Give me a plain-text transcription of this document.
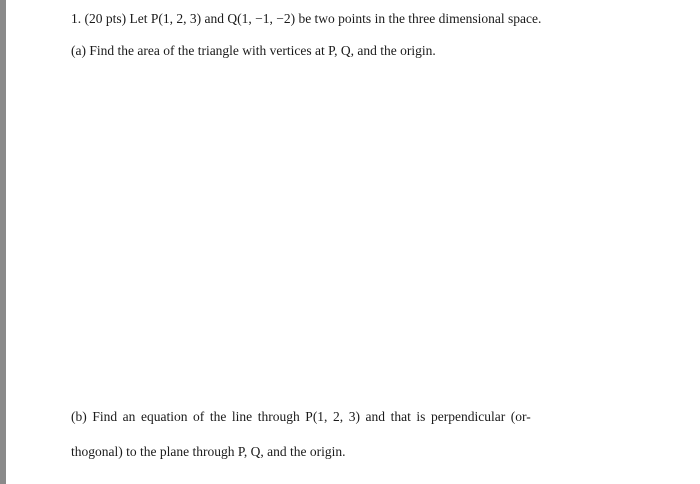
1. (20 pts) Let P(1, 2, 3) and Q(1, −1, −2) be two points in the three dimensional space.
(a) Find the area of the triangle with vertices at P, Q, and the origin.
(b) Find an equation of the line through P(1, 2, 3) and that is perpendicular (or-
thogonal) to the plane through P, Q, and the origin.
